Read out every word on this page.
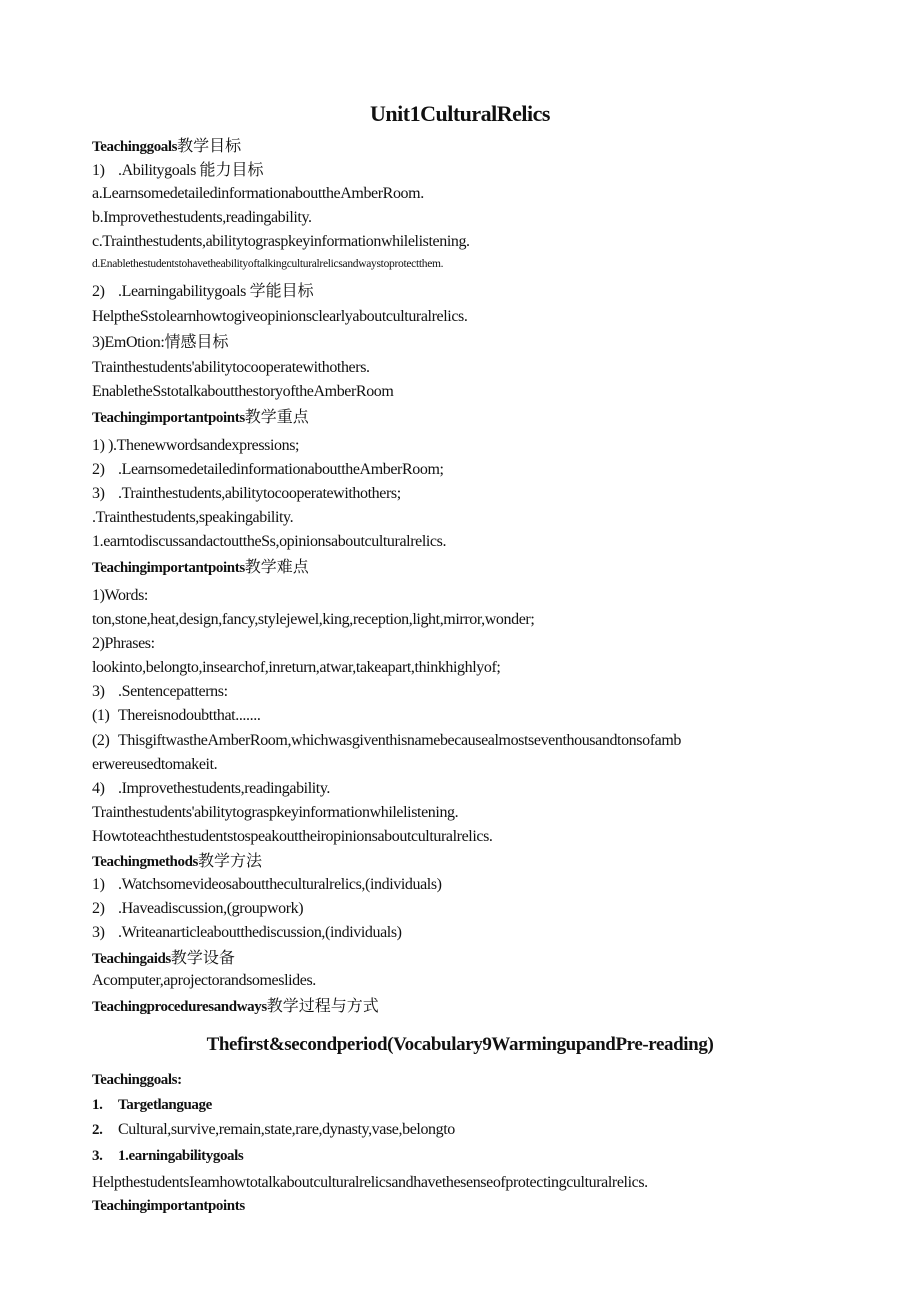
Unit1CulturalRelics
Teachinggoals教学目标
1) .Abilitygoals 能力目标
a.LearnsomedetailedinformationabouttheAmberRoom.
b.Improvethestudents,readingability.
c.Trainthestudents,abilitytograspkeyinformationwhilelistening.
d.Enablethestudentstohavetheabilityoftalkingculturalrelicsandwaystoprotectthem.
2) .Learningabilitygoals 学能目标
HelptheSstolearnhowtogiveopinionsclearlyaboutculturalrelics.
3)EmOtion:情感目标
Trainthestudents'abilitytocooperatewithothers.
EnabletheSstotalkaboutthestoryoftheAmberRoom
Teachingimportantpoints教学重点
1) ).Thenewwordsandexpressions;
2) .LearnsomedetailedinformationabouttheAmberRoom;
3) .Trainthestudents,abilitytocooperatewithothers;
.Trainthestudents,speakingability.
1.earntodiscussandactouttheSs,opinionsaboutculturalrelics.
Teachingimportantpoints教学难点
1)Words:
ton,stone,heat,design,fancy,stylejewel,king,reception,light,mirror,wonder;
2)Phrases:
lookinto,belongto,insearchof,inreturn,atwar,takeapart,thinkhighlyof;
3) .Sentencepatterns:
(1) Thereisnodoubtthat.......
(2) ThisgiftwastheAmberRoom,whichwasgiventhisnamebecausealmostseventhousandtonsofamb
erwereusedtomakeit.
4) .Improvethestudents,readingability.
Trainthestudents'abilitytograspkeyinformationwhilelistening.
Howtoteachthestudentstospeakouttheiropinionsaboutculturalrelics.
Teachingmethods教学方法
1) .Watchsomevideosabouttheculturalrelics,(individuals)
2) .Haveadiscussion,(groupwork)
3) .Writeanarticleaboutthediscussion,(individuals)
Teachingaids教学设备
Acomputer,aprojectorandsomeslides.
Teachingproceduresandways教学过程与方式
Thefirst&secondperiod(Vocabulary9WarmingupandPre-reading)
Teachinggoals:
1. Targetlanguage
2. Cultural,survive,remain,state,rare,dynasty,vase,belongto
3. 1.earningabilitygoals
HelpthestudentsIeamhowtotalkaboutculturalrelicsandhavethesenseofprotectingculturalrelics.
Teachingimportantpoints
